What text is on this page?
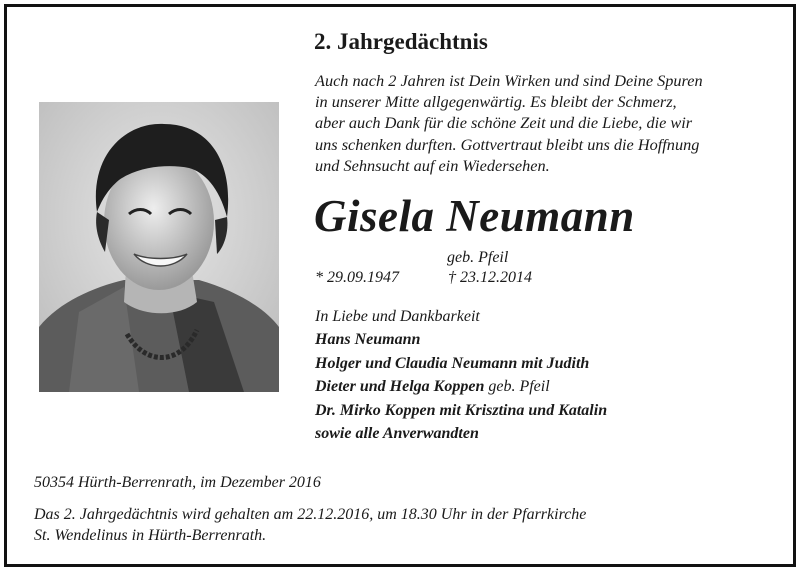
2. Jahrgedächtnis
Auch nach 2 Jahren ist Dein Wirken und sind Deine Spuren
in unserer Mitte allgegenwärtig. Es bleibt der Schmerz,
aber auch Dank für die schöne Zeit und die Liebe, die wir
uns schenken durften. Gottvertraut bleibt uns die Hoffnung
und Sehnsucht auf ein Wiedersehen.
Gisela Neumann
geb. Pfeil
* 29.09.1947	† 23.12.2014
In Liebe und Dankbarkeit
Hans Neumann
Holger und Claudia Neumann mit Judith
Dieter und Helga Koppen geb. Pfeil
Dr. Mirko Koppen mit Krisztina und Katalin
sowie alle Anverwandten
50354 Hürth-Berrenrath, im Dezember 2016
Das 2. Jahrgedächtnis wird gehalten am 22.12.2016, um 18.30 Uhr in der Pfarrkirche
St. Wendelinus in Hürth-Berrenrath.
